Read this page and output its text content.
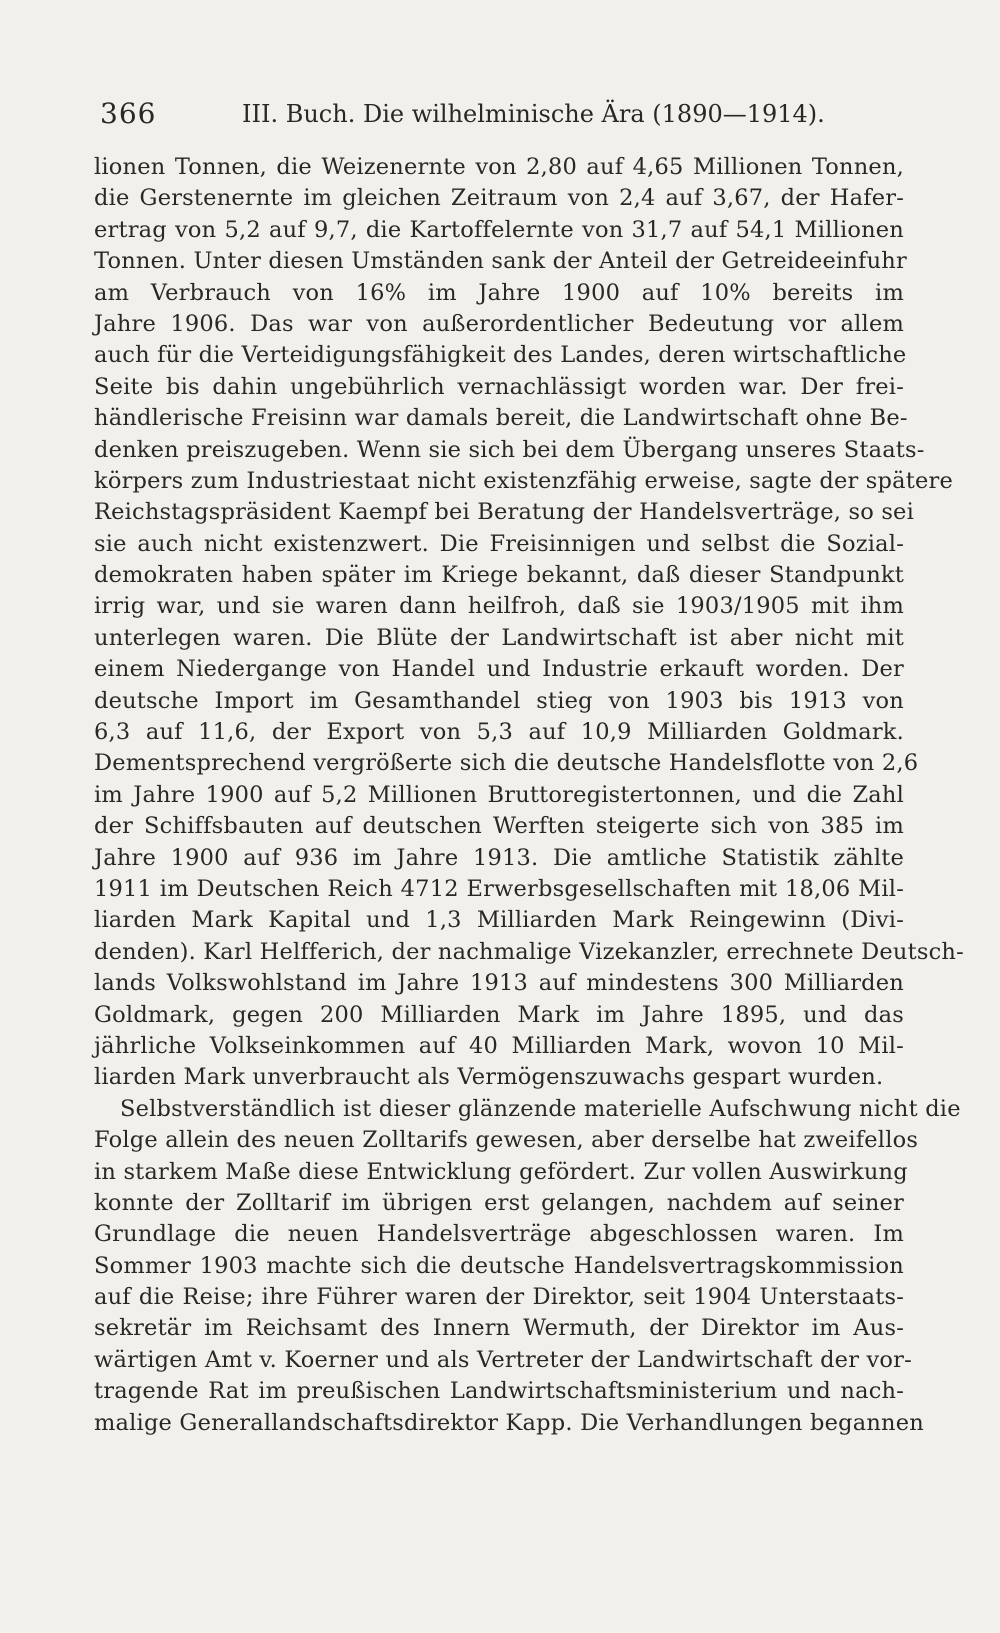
366	III. Buch. Die wilhelminische Ära (1890—1914).
lionen Tonnen, die Weizenernte von 2,80 auf 4,65 Millionen Tonnen,
die Gerstenernte im gleichen Zeitraum von 2,4 auf 3,67, der Hafer-
ertrag von 5,2 auf 9,7, die Kartoffelernte von 31,7 auf 54,1 Millionen
Tonnen. Unter diesen Umständen sank der Anteil der Getreideeinfuhr
am Verbrauch von 16% im Jahre 1900 auf 10% bereits im
Jahre 1906. Das war von außerordentlicher Bedeutung vor allem
auch für die Verteidigungsfähigkeit des Landes, deren wirtschaftliche
Seite bis dahin ungebührlich vernachlässigt worden war. Der frei-
händlerische Freisinn war damals bereit, die Landwirtschaft ohne Be-
denken preiszugeben. Wenn sie sich bei dem Übergang unseres Staats-
körpers zum Industriestaat nicht existenzfähig erweise, sagte der spätere
Reichstagspräsident Kaempf bei Beratung der Handelsverträge, so sei
sie auch nicht existenzwert. Die Freisinnigen und selbst die Sozial-
demokraten haben später im Kriege bekannt, daß dieser Standpunkt
irrig war, und sie waren dann heilfroh, daß sie 1903/1905 mit ihm
unterlegen waren. Die Blüte der Landwirtschaft ist aber nicht mit
einem Niedergange von Handel und Industrie erkauft worden. Der
deutsche Import im Gesamthandel stieg von 1903 bis 1913 von
6,3 auf 11,6, der Export von 5,3 auf 10,9 Milliarden Goldmark.
Dementsprechend vergrößerte sich die deutsche Handelsflotte von 2,6
im Jahre 1900 auf 5,2 Millionen Bruttoregistertonnen, und die Zahl
der Schiffsbauten auf deutschen Werften steigerte sich von 385 im
Jahre 1900 auf 936 im Jahre 1913. Die amtliche Statistik zählte
1911 im Deutschen Reich 4712 Erwerbsgesellschaften mit 18,06 Mil-
liarden Mark Kapital und 1,3 Milliarden Mark Reingewinn (Divi-
denden). Karl Helfferich, der nachmalige Vizekanzler, errechnete Deutsch-
lands Volkswohlstand im Jahre 1913 auf mindestens 300 Milliarden
Goldmark, gegen 200 Milliarden Mark im Jahre 1895, und das
jährliche Volkseinkommen auf 40 Milliarden Mark, wovon 10 Mil-
liarden Mark unverbraucht als Vermögenszuwachs gespart wurden.
Selbstverständlich ist dieser glänzende materielle Aufschwung nicht die
Folge allein des neuen Zolltarifs gewesen, aber derselbe hat zweifellos
in starkem Maße diese Entwicklung gefördert. Zur vollen Auswirkung
konnte der Zolltarif im übrigen erst gelangen, nachdem auf seiner
Grundlage die neuen Handelsverträge abgeschlossen waren. Im
Sommer 1903 machte sich die deutsche Handelsvertragskommission
auf die Reise; ihre Führer waren der Direktor, seit 1904 Unterstaats-
sekretär im Reichsamt des Innern Wermuth, der Direktor im Aus-
wärtigen Amt v. Koerner und als Vertreter der Landwirtschaft der vor-
tragende Rat im preußischen Landwirtschaftsministerium und nach-
malige Generallandschaftsdirektor Kapp. Die Verhandlungen begannen
